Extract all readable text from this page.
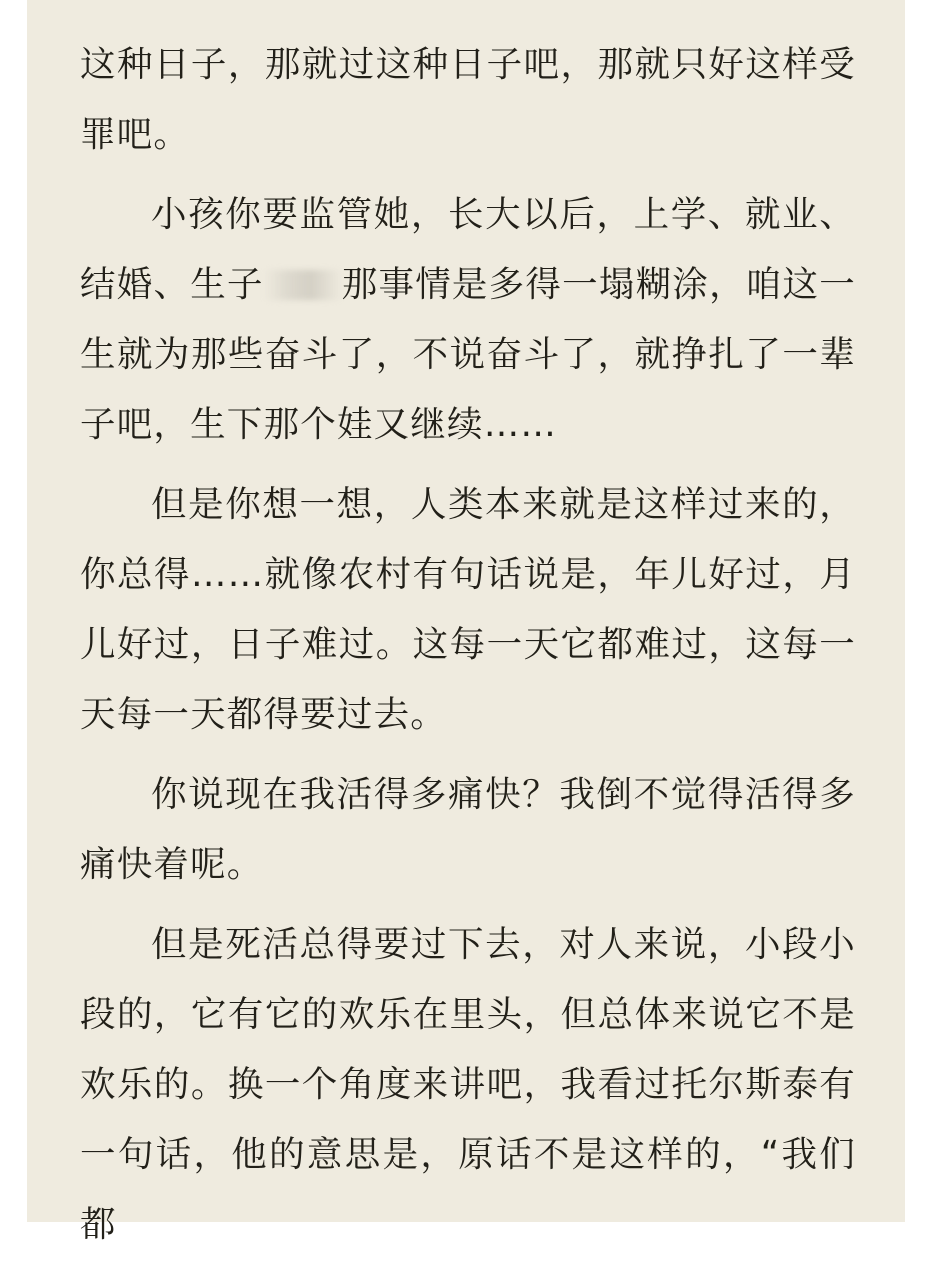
这种日子，那就过这种日子吧，那就只好这样受罪吧。

小孩你要监管她，长大以后，上学、就业、结婚、生子 那事情是多得一塌糊涂，咱这一生就为那些奋斗了，不说奋斗了，就挣扎了一辈子吧，生下那个娃又继续……

但是你想一想，人类本来就是这样过来的，你总得……就像农村有句话说是，年儿好过，月儿好过，日子难过。这每一天它都难过，这每一天每一天都得要过去。

你说现在我活得多痛快？我倒不觉得活得多痛快着呢。

但是死活总得要过下去，对人来说，小段小段的，它有它的欢乐在里头，但总体来说它不是欢乐的。换一个角度来讲吧，我看过托尔斯泰有一句话，他的意思是，原话不是这样的，“我们都
